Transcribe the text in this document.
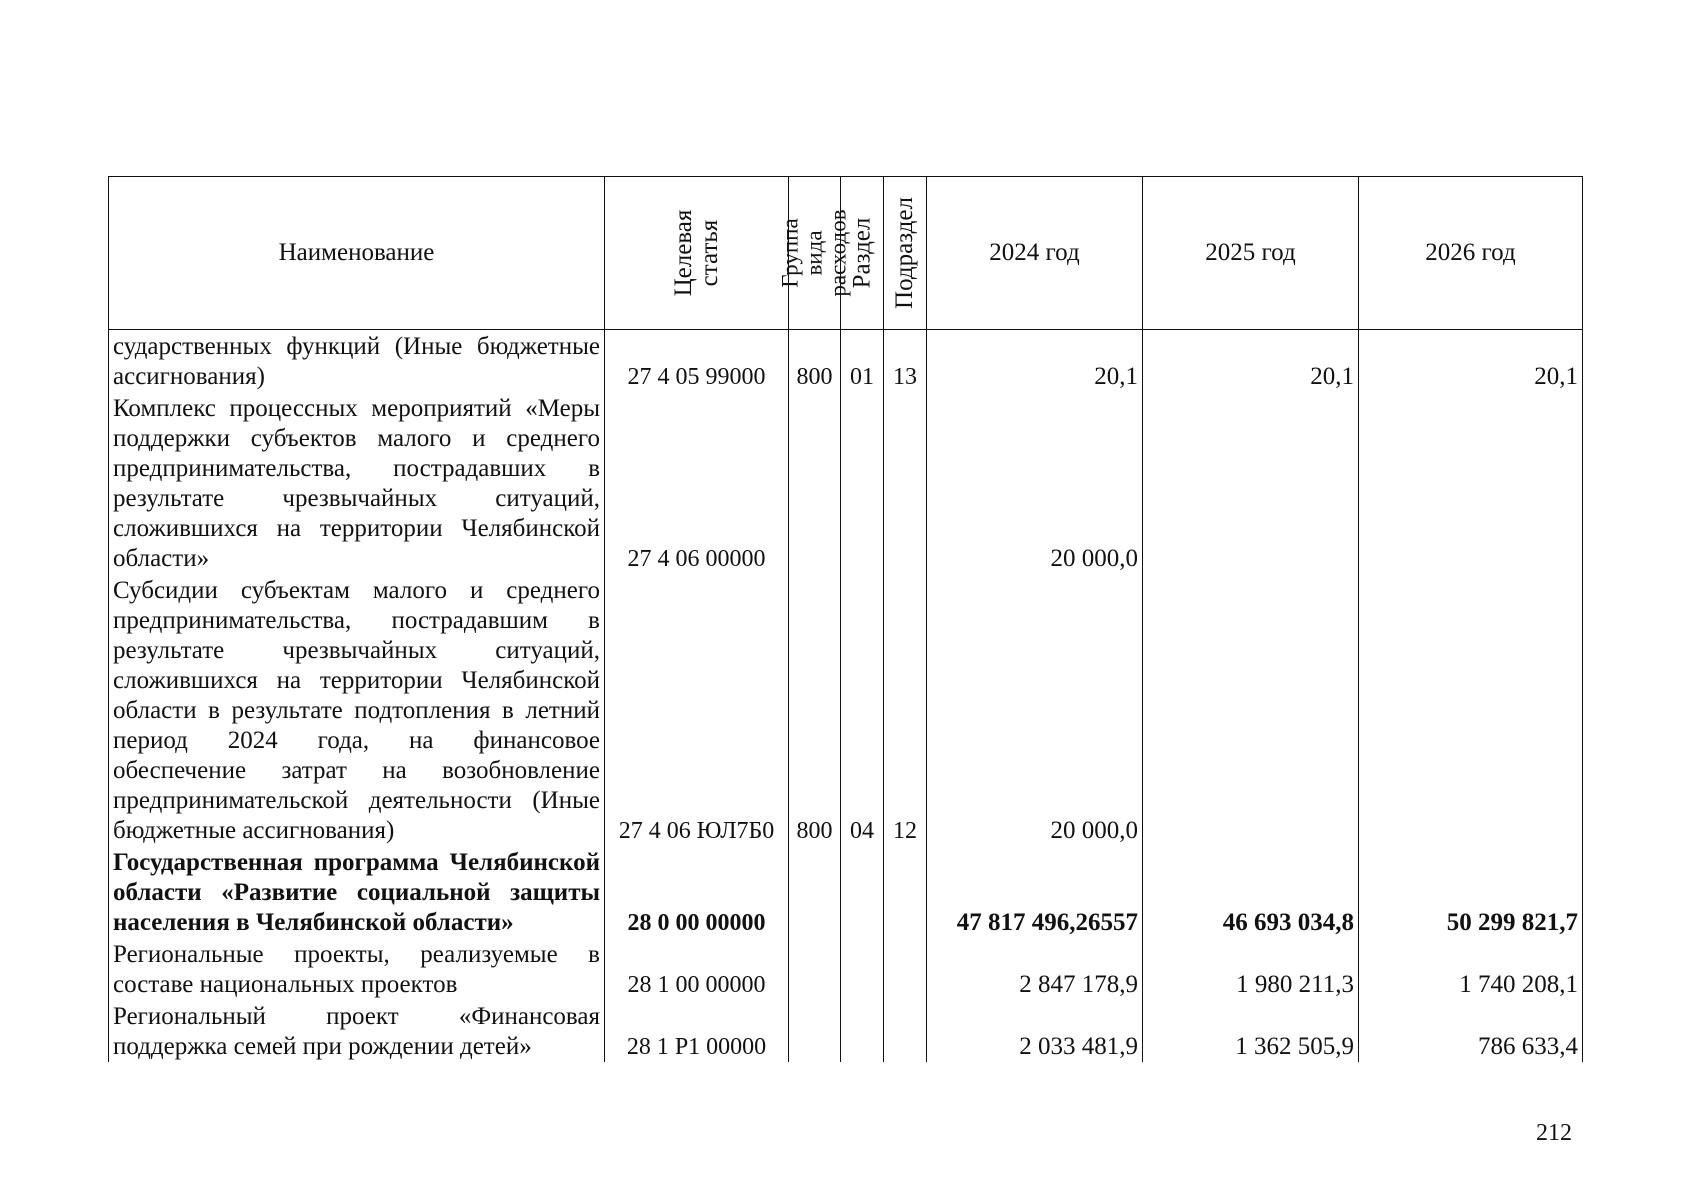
Наименование	Целевая статья	Группа вида расходов	Раздел	Подраздел	2024 год	2025 год	2026 год
сударственных функций (Иные бюджетные ассигнования)	27 4 05 99000	800	01	13	20,1	20,1	20,1
Комплекс процессных мероприятий «Меры поддержки субъектов малого и среднего предпринимательства, пострадавших в результате чрезвычайных ситуаций, сложившихся на территории Челябинской области»	27 4 06 00000				20 000,0		
Субсидии субъектам малого и среднего предпринимательства, пострадавшим в результате чрезвычайных ситуаций, сложившихся на территории Челябинской области в результате подтопления в летний период 2024 года, на финансовое обеспечение затрат на возобновление предпринимательской деятельности (Иные бюджетные ассигнования)	27 4 06 ЮЛ7Б0	800	04	12	20 000,0		
Государственная программа Челябинской области «Развитие социальной защиты населения в Челябинской области»	28 0 00 00000				47 817 496,26557	46 693 034,8	50 299 821,7
Региональные проекты, реализуемые в составе национальных проектов	28 1 00 00000				2 847 178,9	1 980 211,3	1 740 208,1
Региональный проект «Финансовая поддержка семей при рождении детей»	28 1 Р1 00000				2 033 481,9	1 362 505,9	786 633,4
212
